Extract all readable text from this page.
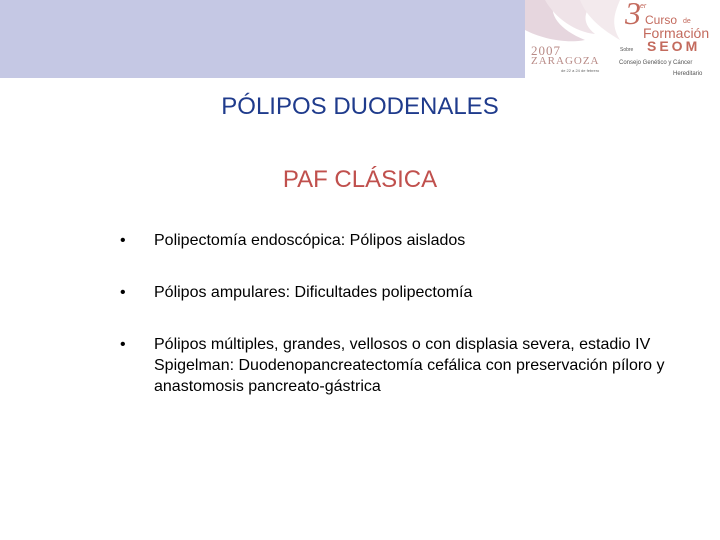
2007
ZARAGOZA
de 22 a 24 de febrero
3 er
Curso de
Formación
SEOM
Sobre
Consejo Genético y Cáncer
Hereditario
PÓLIPOS DUODENALES
PAF CLÁSICA
• Polipectomía endoscópica: Pólipos aislados
• Pólipos ampulares: Dificultades polipectomía
• Pólipos múltiples, grandes, vellosos o con displasia severa, estadio IV Spigelman: Duodenopancreatectomía cefálica con preservación píloro y anastomosis pancreato-gástrica
